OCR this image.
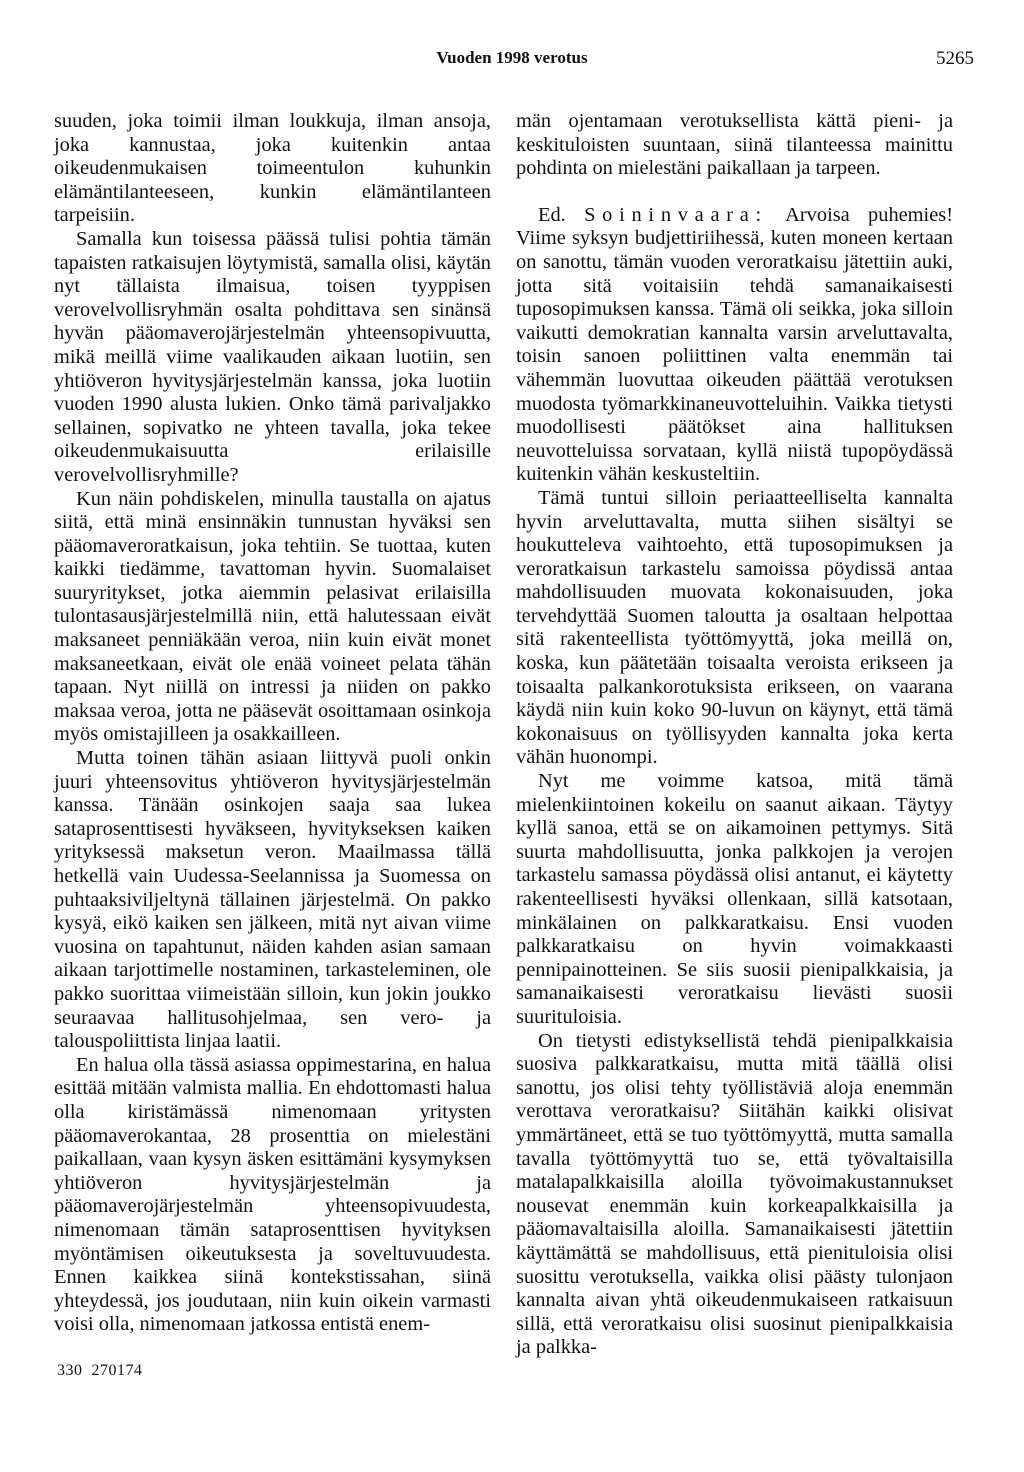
Vuoden 1998 verotus	5265

suuden, joka toimii ilman loukkuja, ilman ansoja, joka kannustaa, joka kuitenkin antaa oikeudenmukaisen toimeentulon kuhunkin elämäntilanteeseen, kunkin elämäntilanteen tarpeisiin.

Samalla kun toisessa päässä tulisi pohtia tämän tapaisten ratkaisujen löytymistä, samalla olisi, käytän nyt tällaista ilmaisua, toisen tyyppisen verovelvollisryhmän osalta pohdittava sen sinänsä hyvän pääomaverojärjestelmän yhteensopivuutta, mikä meillä viime vaalikauden aikaan luotiin, sen yhtiöveron hyvitysjärjestelmän kanssa, joka luotiin vuoden 1990 alusta lukien. Onko tämä parivaljakko sellainen, sopivatko ne yhteen tavalla, joka tekee oikeudenmukaisuutta erilaisille verovelvollisryhmille?

Kun näin pohdiskelen, minulla taustalla on ajatus siitä, että minä ensinnäkin tunnustan hyväksi sen pääomaveroratkaisun, joka tehtiin. Se tuottaa, kuten kaikki tiedämme, tavattoman hyvin. Suomalaiset suuryritykset, jotka aiemmin pelasivat erilaisilla tulontasausjärjestelmillä niin, että halutessaan eivät maksaneet penniäkään veroa, niin kuin eivät monet maksaneetkaan, eivät ole enää voineet pelata tähän tapaan. Nyt niillä on intressi ja niiden on pakko maksaa veroa, jotta ne pääsevät osoittamaan osinkoja myös omistajilleen ja osakkailleen.

Mutta toinen tähän asiaan liittyvä puoli onkin juuri yhteensovitus yhtiöveron hyvitysjärjestelmän kanssa. Tänään osinkojen saaja saa lukea sataprosenttisesti hyväkseen, hyvitykseksen kaiken yrityksessä maksetun veron. Maailmassa tällä hetkellä vain Uudessa-Seelannissa ja Suomessa on puhtaaksiviljeltynä tällainen järjestelmä. On pakko kysyä, eikö kaiken sen jälkeen, mitä nyt aivan viime vuosina on tapahtunut, näiden kahden asian samaan aikaan tarjottimelle nostaminen, tarkasteleminen, ole pakko suorittaa viimeistään silloin, kun jokin joukko seuraavaa hallitusohjelmaa, sen vero- ja talouspoliittista linjaa laatii.

En halua olla tässä asiassa oppimestarina, en halua esittää mitään valmista mallia. En ehdottomasti halua olla kiristämässä nimenomaan yritysten pääomaverokantaa, 28 prosenttia on mielestäni paikallaan, vaan kysyn äsken esittämäni kysymyksen yhtiöveron hyvitysjärjestelmän ja pääomaverojärjestelmän yhteensopivuudesta, nimenomaan tämän sataprosenttisen hyvityksen myöntämisen oikeutuksesta ja soveltuvuudesta. Ennen kaikkea siinä kontekstissahan, siinä yhteydessä, jos joudutaan, niin kuin oikein varmasti voisi olla, nimenomaan jatkossa entistä enem-

män ojentamaan verotuksellista kättä pieni- ja keskituloisten suuntaan, siinä tilanteessa mainittu pohdinta on mielestäni paikallaan ja tarpeen.

Ed. Soininvaara: Arvoisa puhemies! Viime syksyn budjettiriihessä, kuten moneen kertaan on sanottu, tämän vuoden veroratkaisu jätettiin auki, jotta sitä voitaisiin tehdä samanaikaisesti tuposopimuksen kanssa. Tämä oli seikka, joka silloin vaikutti demokratian kannalta varsin arveluttavalta, toisin sanoen poliittinen valta enemmän tai vähemmän luovuttaa oikeuden päättää verotuksen muodosta työmarkkinaneuvotteluihin. Vaikka tietysti muodollisesti päätökset aina hallituksen neuvotteluissa sorvataan, kyllä niistä tupopöydässä kuitenkin vähän keskusteltiin.

Tämä tuntui silloin periaatteelliselta kannalta hyvin arveluttavalta, mutta siihen sisältyi se houkutteleva vaihtoehto, että tuposopimuksen ja veroratkaisun tarkastelu samoissa pöydissä antaa mahdollisuuden muovata kokonaisuuden, joka tervehdyttää Suomen taloutta ja osaltaan helpottaa sitä rakenteellista työttömyyttä, joka meillä on, koska, kun päätetään toisaalta veroista erikseen ja toisaalta palkankorotuksista erikseen, on vaarana käydä niin kuin koko 90-luvun on käynyt, että tämä kokonaisuus on työllisyyden kannalta joka kerta vähän huonompi.

Nyt me voimme katsoa, mitä tämä mielenkiintoinen kokeilu on saanut aikaan. Täytyy kyllä sanoa, että se on aikamoinen pettymys. Sitä suurta mahdollisuutta, jonka palkkojen ja verojen tarkastelu samassa pöydässä olisi antanut, ei käytetty rakenteellisesti hyväksi ollenkaan, sillä katsotaan, minkälainen on palkkaratkaisu. Ensi vuoden palkkaratkaisu on hyvin voimakkaasti pennipainotteinen. Se siis suosii pienipalkkaisia, ja samanaikaisesti veroratkaisu lievästi suosii suurituloisia.

On tietysti edistyksellistä tehdä pienipalkkaisia suosiva palkkaratkaisu, mutta mitä täällä olisi sanottu, jos olisi tehty työllistäviä aloja enemmän verottava veroratkaisu? Siitähän kaikki olisivat ymmärtäneet, että se tuo työttömyyttä, mutta samalla tavalla työttömyyttä tuo se, että työvaltaisilla matalapalkkaisilla aloilla työvoimakustannukset nousevat enemmän kuin korkeapalkkaisilla ja pääomavaltaisilla aloilla. Samanaikaisesti jätettiin käyttämättä se mahdollisuus, että pienituloisia olisi suosittu verotuksella, vaikka olisi päästy tulonjaon kannalta aivan yhtä oikeudenmukaiseen ratkaisuun sillä, että veroratkaisu olisi suosinut pienipalkkaisia ja palkka-

330  270174
